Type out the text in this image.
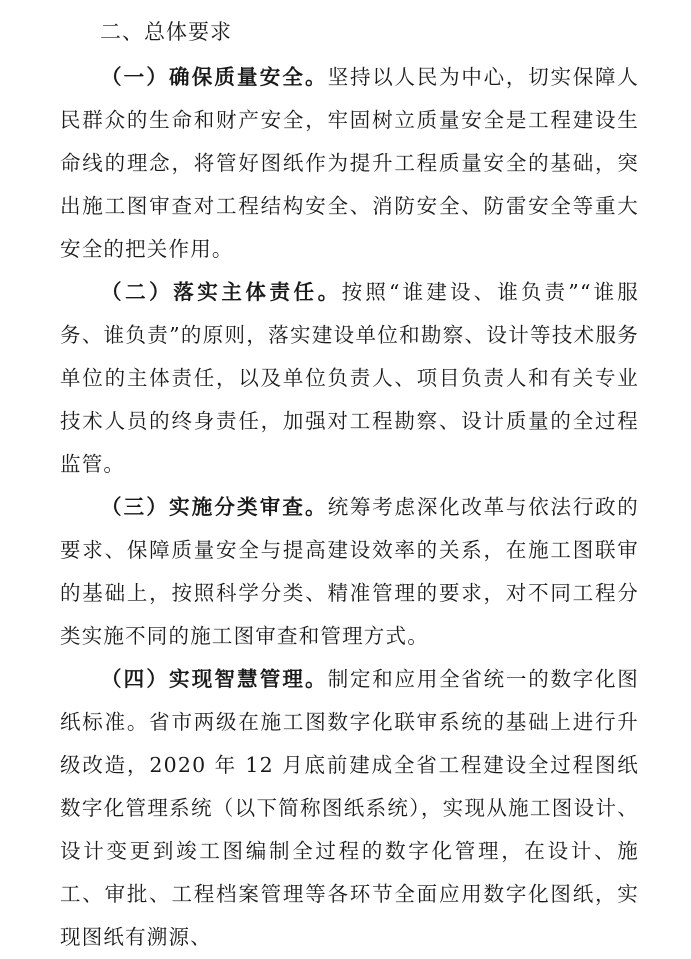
二、总体要求

（一）确保质量安全。坚持以人民为中心，切实保障人民群众的生命和财产安全，牢固树立质量安全是工程建设生命线的理念，将管好图纸作为提升工程质量安全的基础，突出施工图审查对工程结构安全、消防安全、防雷安全等重大安全的把关作用。

（二）落实主体责任。按照“谁建设、谁负责”“谁服务、谁负责”的原则，落实建设单位和勘察、设计等技术服务单位的主体责任，以及单位负责人、项目负责人和有关专业技术人员的终身责任，加强对工程勘察、设计质量的全过程监管。

（三）实施分类审查。统筹考虑深化改革与依法行政的要求、保障质量安全与提高建设效率的关系，在施工图联审的基础上，按照科学分类、精准管理的要求，对不同工程分类实施不同的施工图审查和管理方式。

（四）实现智慧管理。制定和应用全省统一的数字化图纸标准。省市两级在施工图数字化联审系统的基础上进行升级改造，2020 年 12 月底前建成全省工程建设全过程图纸数字化管理系统（以下简称图纸系统），实现从施工图设计、设计变更到竣工图编制全过程的数字化管理，在设计、施工、审批、工程档案管理等各环节全面应用数字化图纸，实现图纸有溯源、
